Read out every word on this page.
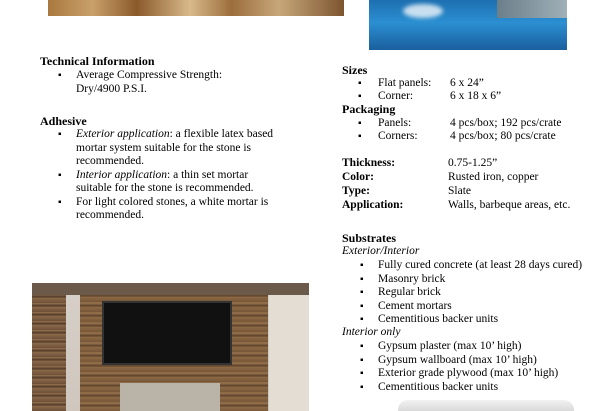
Technical Information
▪ Average Compressive Strength:
Dry/4900 P.S.I.
Adhesive
▪ Exterior application: a flexible latex based
mortar system suitable for the stone is
recommended.
▪ Interior application: a thin set mortar
suitable for the stone is recommended.
▪ For light colored stones, a white mortar is
recommended.
Sizes
▪ Flat panels: 6 x 24”
▪ Corner:	6 x 18 x 6”
Packaging
▪ Panels:	4 pcs/box; 192 pcs/crate
▪ Corners:	4 pcs/box; 80 pcs/crate
Thickness:	0.75-1.25”
Color:	Rusted iron, copper
Type:	Slate
Application:	Walls, barbeque areas, etc.
Substrates
Exterior/Interior
▪ Fully cured concrete (at least 28 days cured)
▪ Masonry brick
▪ Regular brick
▪ Cement mortars
▪ Cementitious backer units
Interior only
▪ Gypsum plaster (max 10’ high)
▪ Gypsum wallboard (max 10’ high)
▪ Exterior grade plywood (max 10’ high)
▪ Cementitious backer units
